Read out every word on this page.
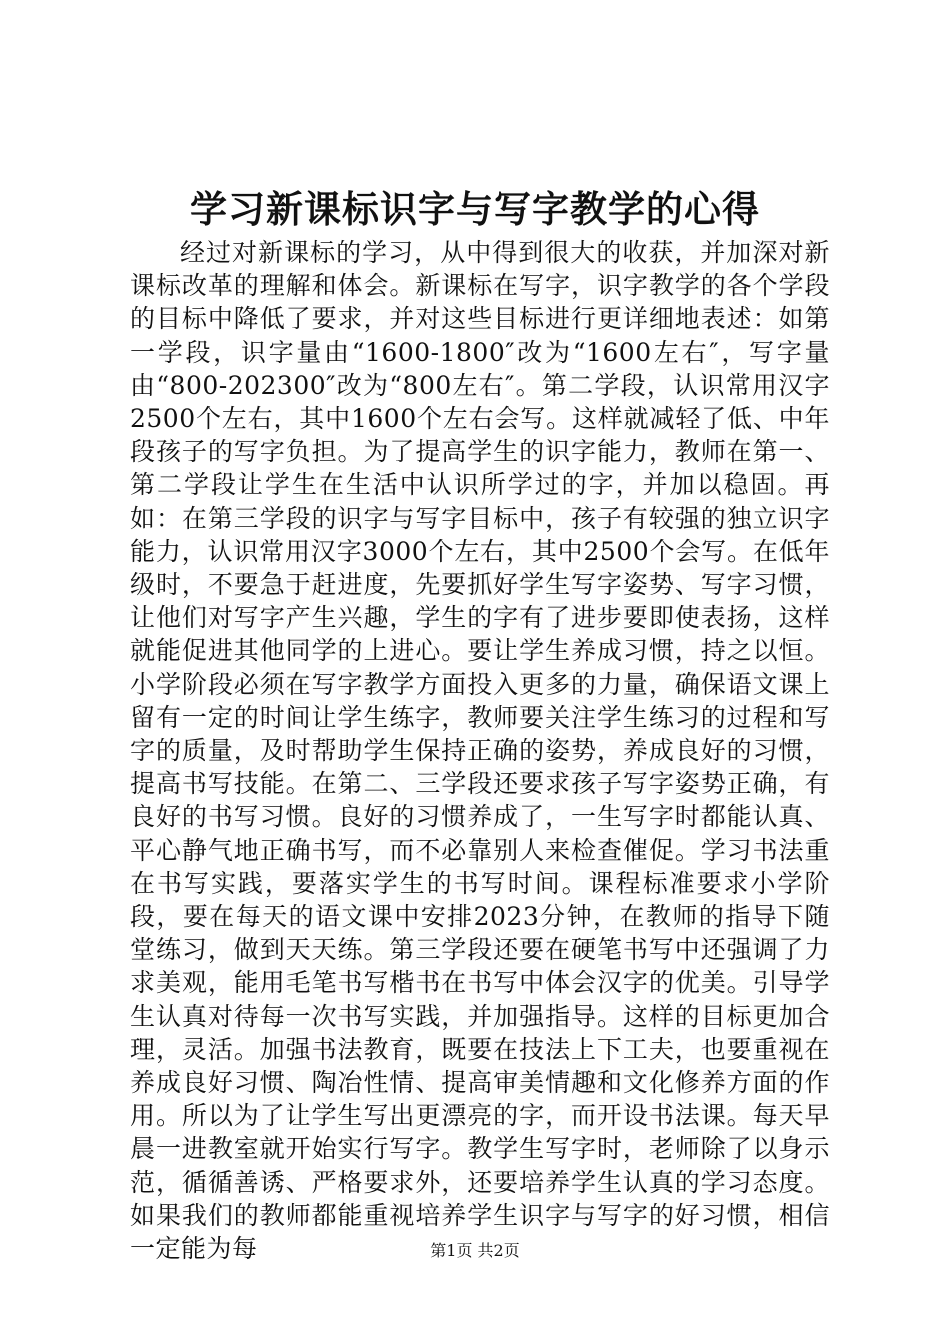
学习新课标识字与写字教学的心得

经过对新课标的学习，从中得到很大的收获，并加深对新课标改革的理解和体会。新课标在写字，识字教学的各个学段的目标中降低了要求，并对这些目标进行更详细地表述：如第一学段，识字量由“1600-1800″改为“1600左右″，写字量由“800-202300″改为“800左右″。第二学段，认识常用汉字2500个左右，其中1600个左右会写。这样就减轻了低、中年段孩子的写字负担。为了提高学生的识字能力，教师在第一、第二学段让学生在生活中认识所学过的字，并加以稳固。再如：在第三学段的识字与写字目标中，孩子有较强的独立识字能力，认识常用汉字3000个左右，其中2500个会写。在低年级时，不要急于赶进度，先要抓好学生写字姿势、写字习惯，让他们对写字产生兴趣，学生的字有了进步要即使表扬，这样就能促进其他同学的上进心。要让学生养成习惯，持之以恒。小学阶段必须在写字教学方面投入更多的力量，确保语文课上留有一定的时间让学生练字，教师要关注学生练习的过程和写字的质量，及时帮助学生保持正确的姿势，养成良好的习惯，提高书写技能。在第二、三学段还要求孩子写字姿势正确，有良好的书写习惯。良好的习惯养成了，一生写字时都能认真、平心静气地正确书写，而不必靠别人来检查催促。学习书法重在书写实践，要落实学生的书写时间。课程标准要求小学阶段，要在每天的语文课中安排2023分钟，在教师的指导下随堂练习，做到天天练。第三学段还要在硬笔书写中还强调了力求美观，能用毛笔书写楷书在书写中体会汉字的优美。引导学生认真对待每一次书写实践，并加强指导。这样的目标更加合理，灵活。加强书法教育，既要在技法上下工夫，也要重视在养成良好习惯、陶冶性情、提高审美情趣和文化修养方面的作用。所以为了让学生写出更漂亮的字，而开设书法课。每天早晨一进教室就开始实行写字。教学生写字时，老师除了以身示范，循循善诱、严格要求外，还要培养学生认真的学习态度。如果我们的教师都能重视培养学生识字与写字的好习惯，相信一定能为每	第1页 共2页
